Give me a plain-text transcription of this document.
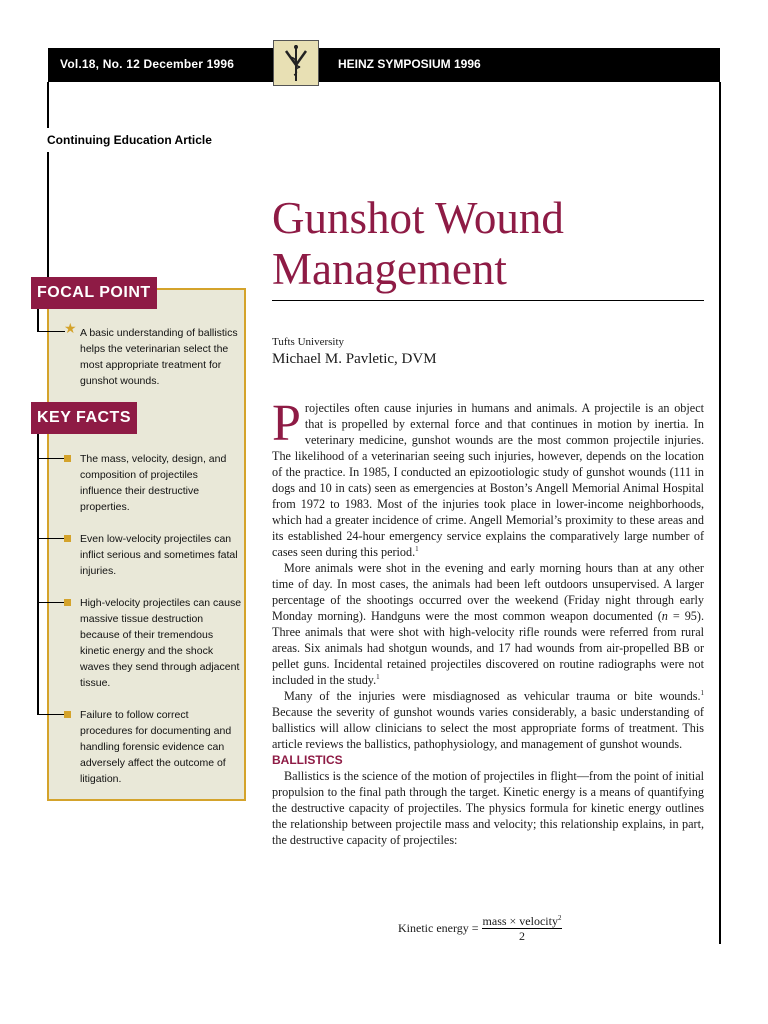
Vol.18, No. 12 December 1996	HEINZ SYMPOSIUM 1996
Continuing Education Article
Gunshot Wound
Management
Tufts University
Michael M. Pavletic, DVM
FOCAL POINT
KEY FACTS
★ A basic understanding of ballistics helps the veterinarian select the most appropriate treatment for gunshot wounds.
The mass, velocity, design, and composition of projectiles influence their destructive properties.
Even low-velocity projectiles can inflict serious and sometimes fatal injuries.
High-velocity projectiles can cause massive tissue destruction because of their tremendous kinetic energy and the shock waves they send through adjacent tissue.
Failure to follow correct procedures for documenting and handling forensic evidence can adversely affect the outcome of litigation.

Projectiles often cause injuries in humans and animals. A projectile is an object that is propelled by external force and that continues in motion by inertia. In veterinary medicine, gunshot wounds are the most common projectile injuries. The likelihood of a veterinarian seeing such injuries, however, depends on the location of the practice. In 1985, I conducted an epizootiologic study of gunshot wounds (111 in dogs and 10 in cats) seen as emergencies at Boston’s Angell Memorial Animal Hospital from 1972 to 1983. Most of the injuries took place in lower-income neighborhoods, which had a greater incidence of crime. Angell Memorial’s proximity to these areas and its established 24-hour emergency service explains the comparatively large number of cases seen during this period.$^1$

More animals were shot in the evening and early morning hours than at any other time of day. In most cases, the animals had been left outdoors unsupervised. A larger percentage of the shootings occurred over the weekend (Friday night through early Monday morning). Handguns were the most common weapon documented (n = 95). Three animals that were shot with high-velocity rifle rounds were referred from rural areas. Six animals had shotgun wounds, and 17 had wounds from air-propelled BB or pellet guns. Incidental retained projectiles discovered on routine radiographs were not included in the study.$^1$

Many of the injuries were misdiagnosed as vehicular trauma or bite wounds.$^1$ Because the severity of gunshot wounds varies considerably, a basic understanding of ballistics will allow clinicians to select the most appropriate forms of treatment. This article reviews the ballistics, pathophysiology, and management of gunshot wounds.

BALLISTICS

Ballistics is the science of the motion of projectiles in flight—from the point of initial propulsion to the final path through the target. Kinetic energy is a means of quantifying the destructive capacity of projectiles. The physics formula for kinetic energy outlines the relationship between projectile mass and velocity; this relationship explains, in part, the destructive capacity of projectiles:

Kinetic energy = $\frac{mass \times velocity^2}{2}$
